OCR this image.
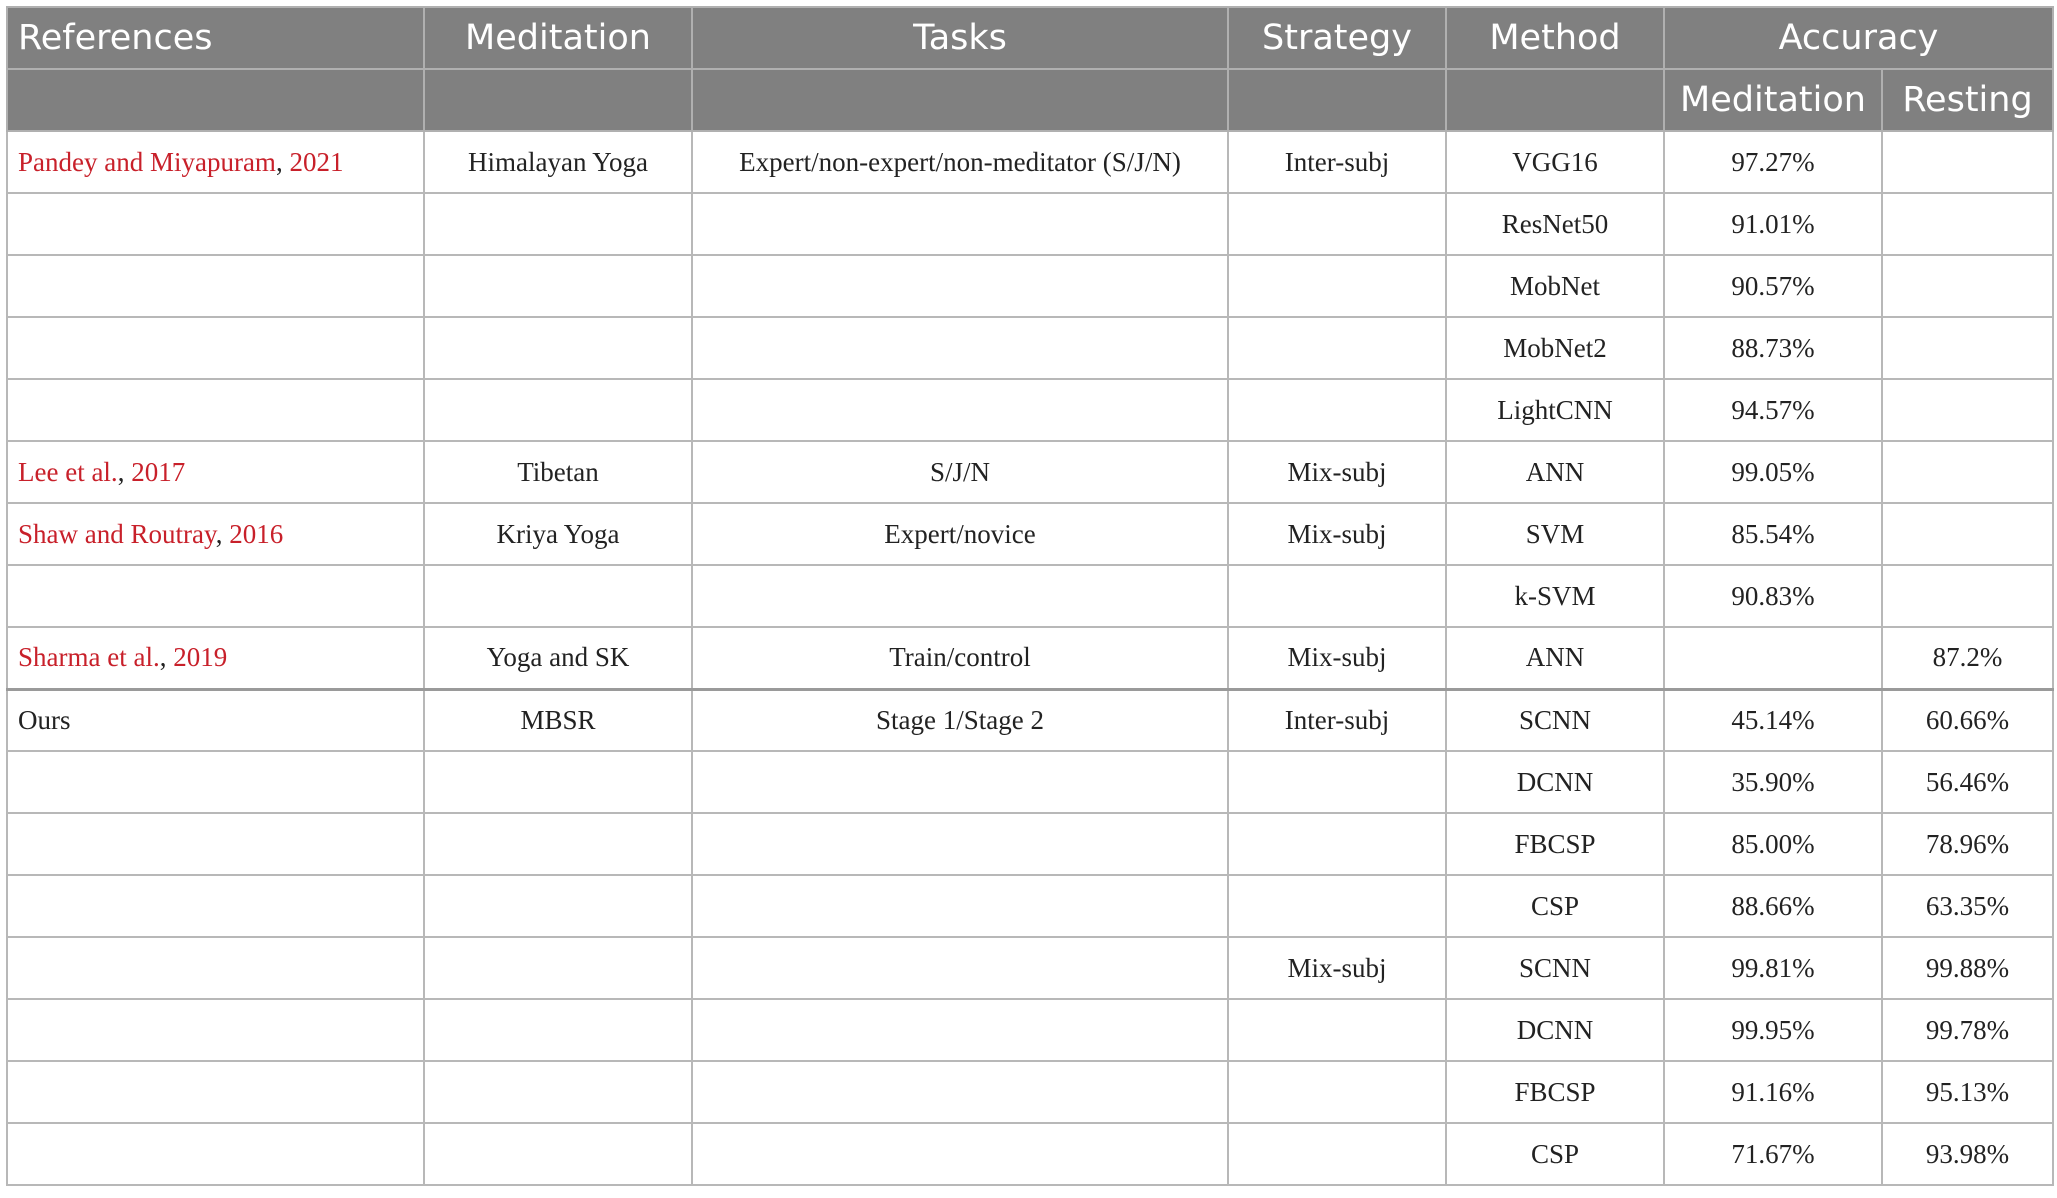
References	Meditation	Tasks	Strategy	Method	Accuracy	
					Meditation	Resting
Pandey and Miyapuram, 2021	Himalayan Yoga	Expert/non-expert/non-meditator (S/J/N)	Inter-subj	VGG16	97.27%	
				ResNet50	91.01%	
				MobNet	90.57%	
				MobNet2	88.73%	
				LightCNN	94.57%	
Lee et al., 2017	Tibetan	S/J/N	Mix-subj	ANN	99.05%	
Shaw and Routray, 2016	Kriya Yoga	Expert/novice	Mix-subj	SVM	85.54%	
				k-SVM	90.83%	
Sharma et al., 2019	Yoga and SK	Train/control	Mix-subj	ANN		87.2%
Ours	MBSR	Stage 1/Stage 2	Inter-subj	SCNN	45.14%	60.66%
				DCNN	35.90%	56.46%
				FBCSP	85.00%	78.96%
				CSP	88.66%	63.35%
			Mix-subj	SCNN	99.81%	99.88%
				DCNN	99.95%	99.78%
				FBCSP	91.16%	95.13%
				CSP	71.67%	93.98%
